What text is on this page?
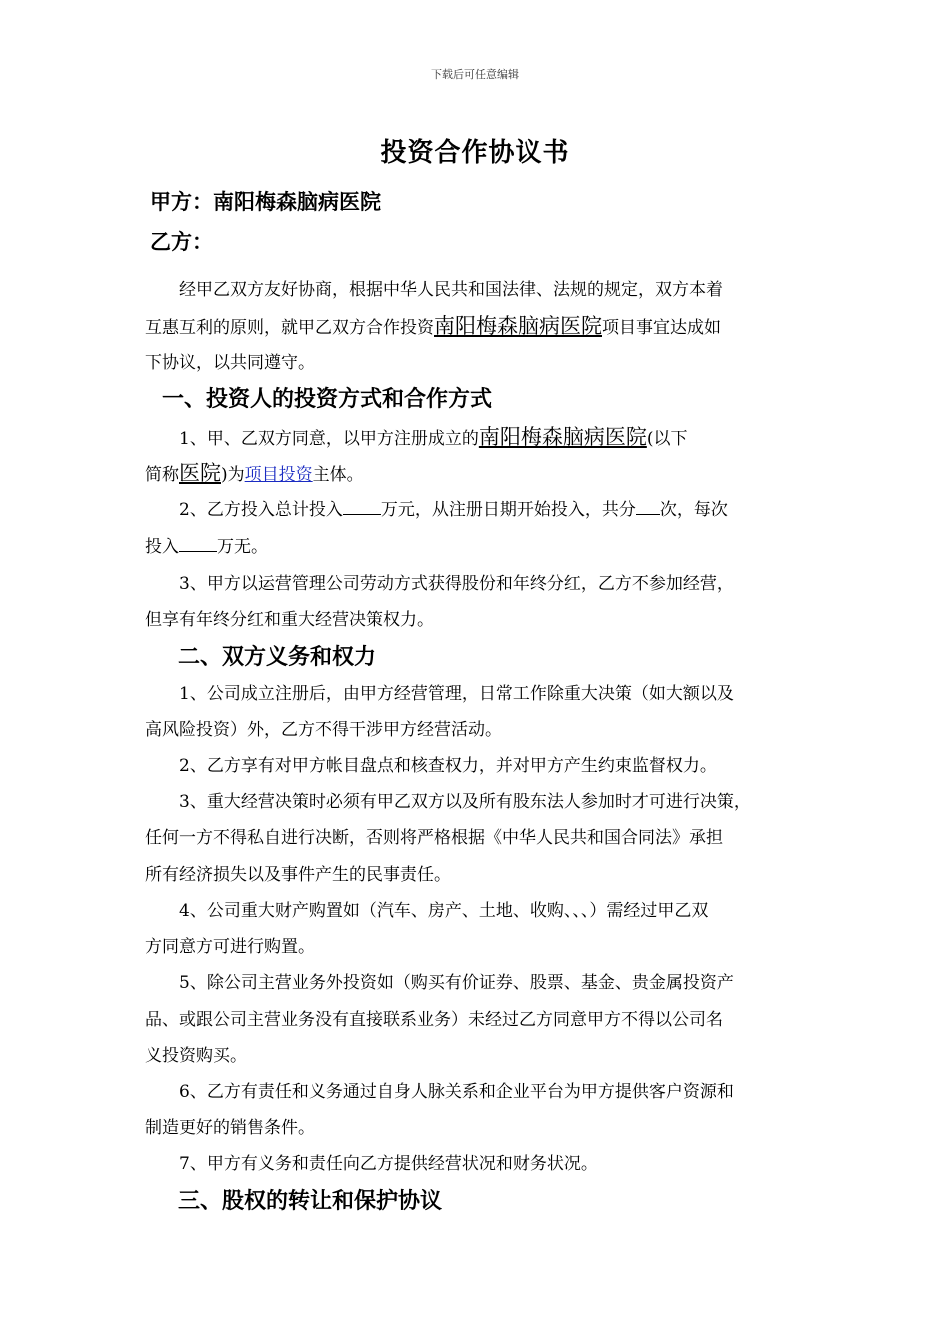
下载后可任意编辑
投资合作协议书
甲方：南阳梅森脑病医院
乙方：
经甲乙双方友好协商，根据中华人民共和国法律、法规的规定，双方本着
互惠互利的原则，就甲乙双方合作投资南阳梅森脑病医院项目事宜达成如
下协议，以共同遵守。
一、投资人的投资方式和合作方式
1、甲、乙双方同意，以甲方注册成立的南阳梅森脑病医院(以下
简称医院)为项目投资主体。
2、乙方投入总计投入 万元，从注册日期开始投入，共分 次，每次
投入 万无。
3、甲方以运营管理公司劳动方式获得股份和年终分红，乙方不参加经营，
但享有年终分红和重大经营决策权力。
二、双方义务和权力
1、公司成立注册后，由甲方经营管理，日常工作除重大决策（如大额以及
高风险投资）外，乙方不得干涉甲方经营活动。
2、乙方享有对甲方帐目盘点和核查权力，并对甲方产生约束监督权力。
3、重大经营决策时必须有甲乙双方以及所有股东法人参加时才可进行决策，
任何一方不得私自进行决断，否则将严格根据《中华人民共和国合同法》承担
所有经济损失以及事件产生的民事责任。
4、公司重大财产购置如（汽车、房产、土地、收购、、、）需经过甲乙双
方同意方可进行购置。
5、除公司主营业务外投资如（购买有价证券、股票、基金、贵金属投资产
品、或跟公司主营业务没有直接联系业务）未经过乙方同意甲方不得以公司名
义投资购买。
6、乙方有责任和义务通过自身人脉关系和企业平台为甲方提供客户资源和
制造更好的销售条件。
7、甲方有义务和责任向乙方提供经营状况和财务状况。
三、股权的转让和保护协议
